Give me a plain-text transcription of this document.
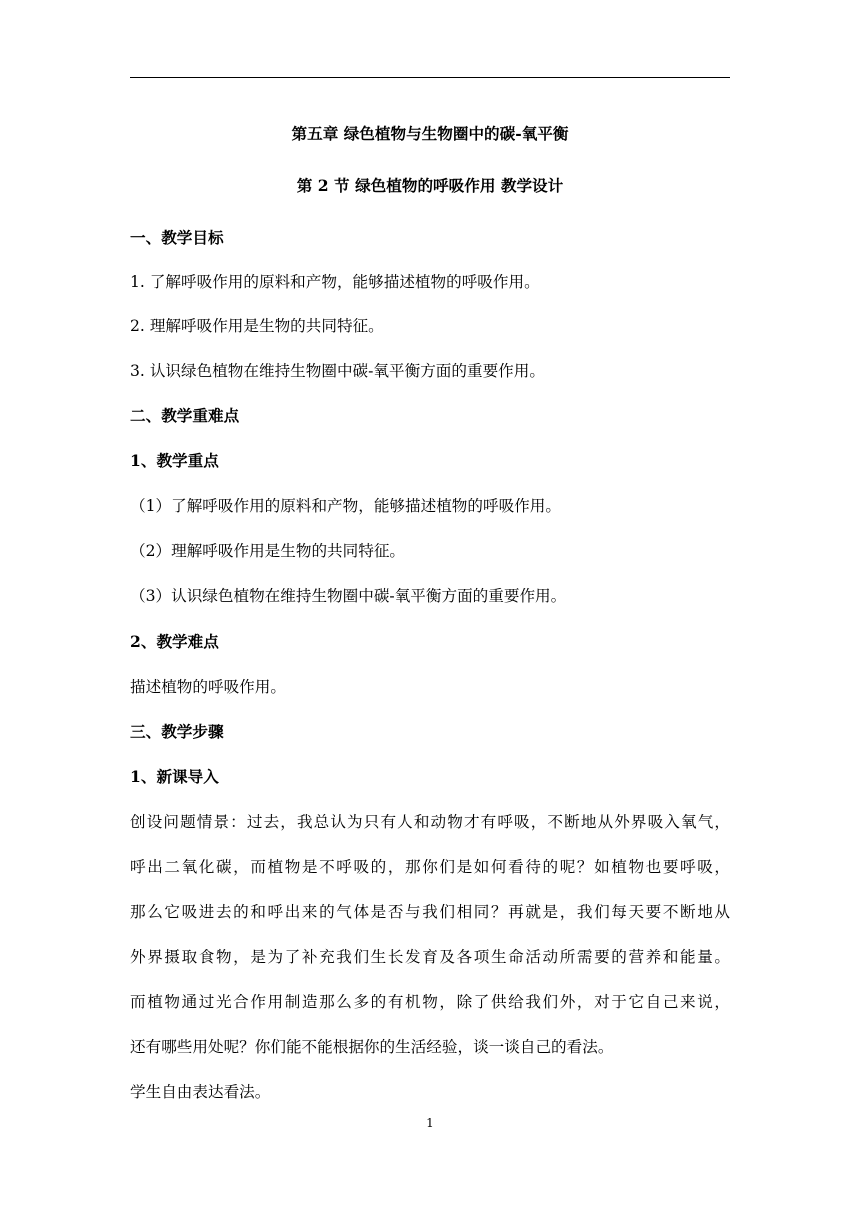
第五章 绿色植物与生物圈中的碳-氧平衡
第 2 节 绿色植物的呼吸作用 教学设计
一、教学目标
1. 了解呼吸作用的原料和产物，能够描述植物的呼吸作用。
2. 理解呼吸作用是生物的共同特征。
3. 认识绿色植物在维持生物圈中碳-氧平衡方面的重要作用。
二、教学重难点
1、教学重点
（1）了解呼吸作用的原料和产物，能够描述植物的呼吸作用。
（2）理解呼吸作用是生物的共同特征。
（3）认识绿色植物在维持生物圈中碳-氧平衡方面的重要作用。
2、教学难点
描述植物的呼吸作用。
三、教学步骤
1、新课导入
创设问题情景：过去，我总认为只有人和动物才有呼吸，不断地从外界吸入氧气，
呼出二氧化碳，而植物是不呼吸的，那你们是如何看待的呢？如植物也要呼吸，
那么它吸进去的和呼出来的气体是否与我们相同？再就是，我们每天要不断地从
外界摄取食物，是为了补充我们生长发育及各项生命活动所需要的营养和能量。
而植物通过光合作用制造那么多的有机物，除了供给我们外，对于它自己来说，
还有哪些用处呢？你们能不能根据你的生活经验，谈一谈自己的看法。
学生自由表达看法。
1
